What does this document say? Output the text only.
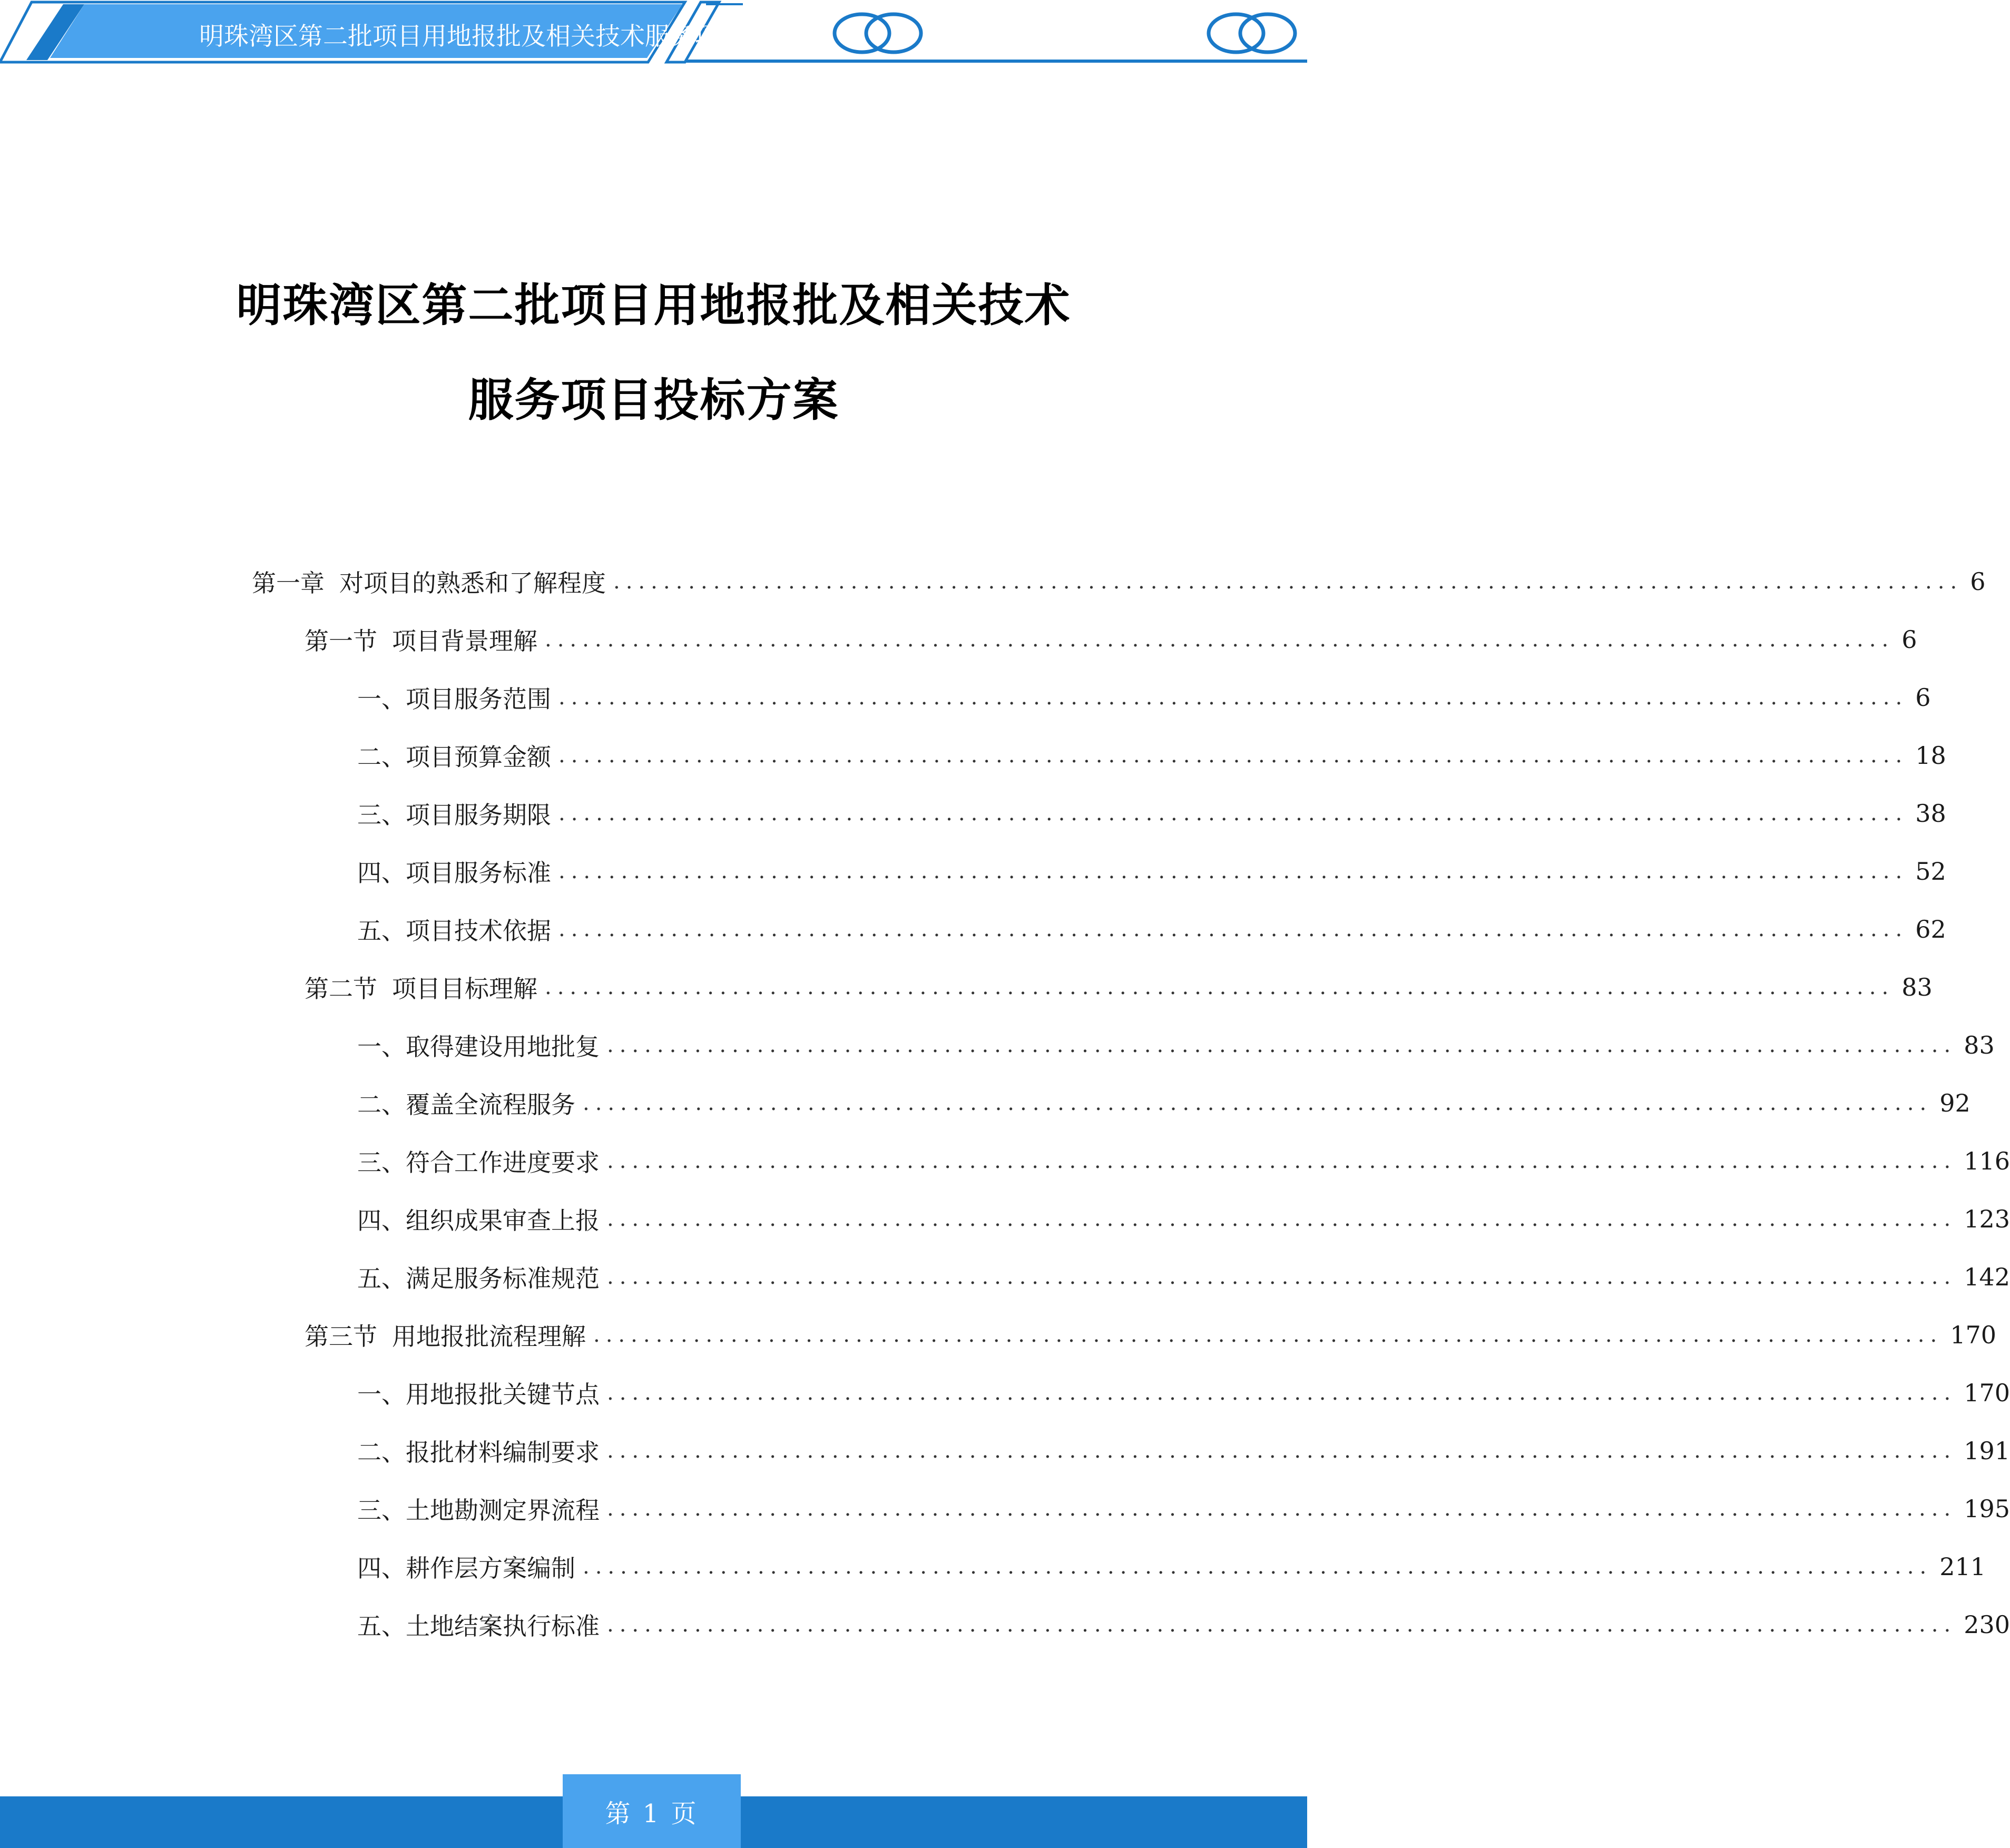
明珠湾区第二批项目用地报批及相关技术服务项目投标方案
明珠湾区第二批项目用地报批及相关技术
服务项目投标方案
第一章 对项目的熟悉和了解程度 ............................................................................................................ 6
第一节 项目背景理解 ............................................................................................................ 6
一、 项目服务范围 ............................................................................................................ 6
二、 项目预算金额 ............................................................................................................ 18
三、 项目服务期限 ............................................................................................................ 38
四、 项目服务标准 ............................................................................................................ 52
五、 项目技术依据 ............................................................................................................ 62
第二节 项目目标理解 ............................................................................................................ 83
一、 取得建设用地批复 ............................................................................................................ 83
二、 覆盖全流程服务 ............................................................................................................ 92
三、 符合工作进度要求 ............................................................................................................ 116
四、 组织成果审查上报 ............................................................................................................ 123
五、 满足服务标准规范 ............................................................................................................ 142
第三节 用地报批流程理解 ............................................................................................................ 170
一、 用地报批关键节点 ............................................................................................................ 170
二、 报批材料编制要求 ............................................................................................................ 191
三、 土地勘测定界流程 ............................................................................................................ 195
四、 耕作层方案编制 ............................................................................................................ 211
五、 土地结案执行标准 ............................................................................................................ 230
第 1 页
